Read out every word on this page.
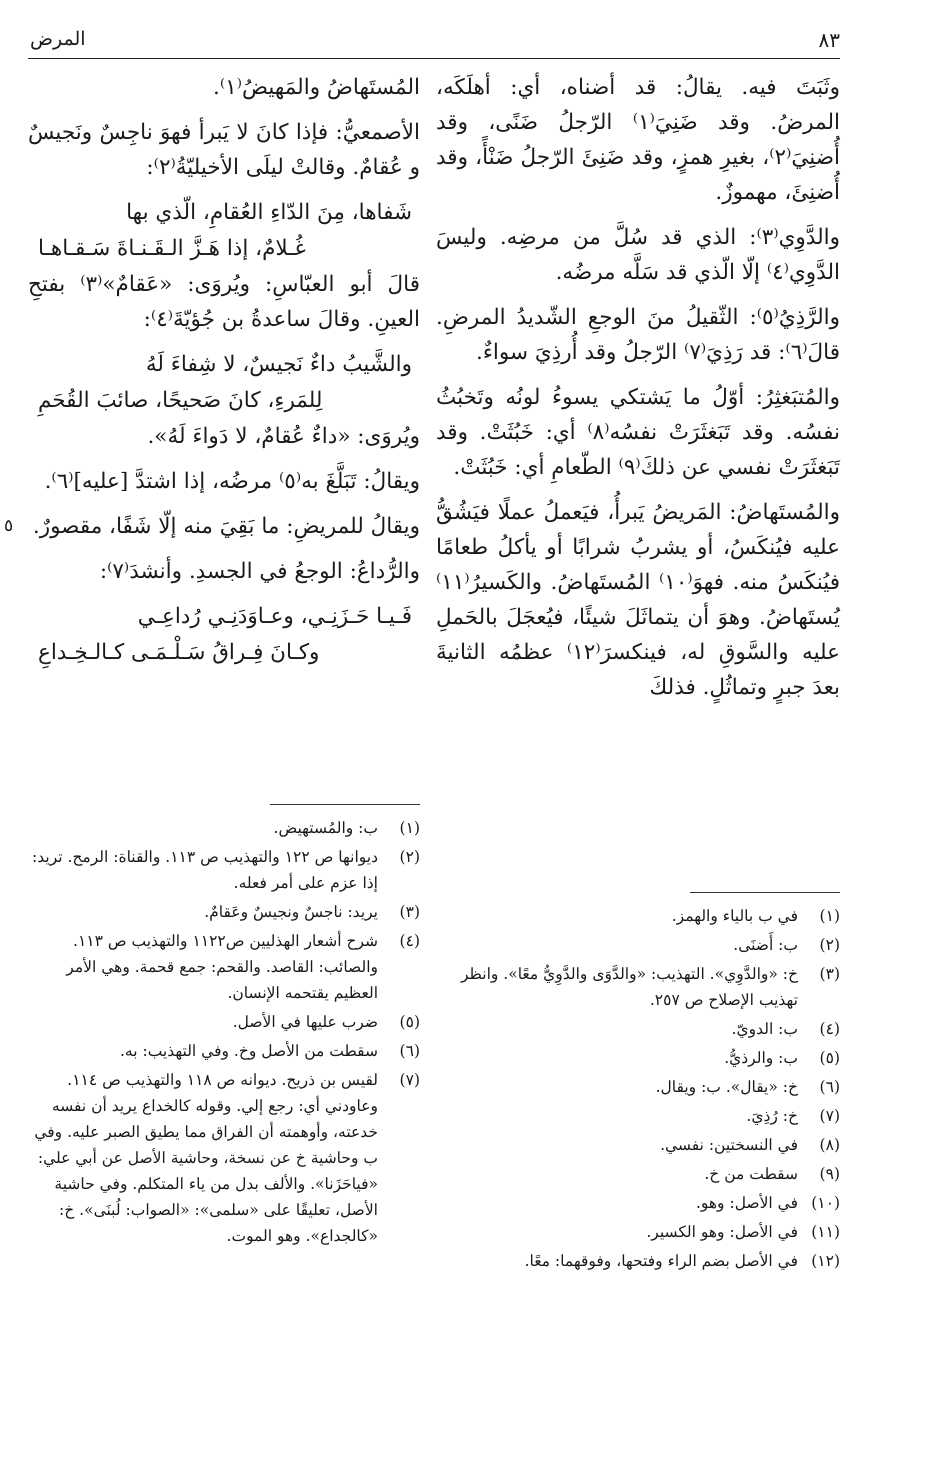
٨٣
المرض
٥

وثَبَتَ فيه. يقالُ: قد أضناه، أي: أهلَكَه، المرضُ. وقد ضَنِيَ⁽١⁾ الرّجلُ ضَنًى، وقد أُضنِيَ⁽٢⁾، بغيرِ همزٍ، وقد ضَنِئَ الرّجلُ ضَنْأً، وقد أُضنِئَ، مهموزٌ.

والدَّوِي⁽٣⁾: الذي قد سُلَّ من مرضِه. وليسَ الدَّوِي⁽٤⁾ إلّا الّذي قد سَلَّه مرضُه.

والرَّذِيُ⁽٥⁾: الثّقيلُ منَ الوجعِ الشّديدُ المرضِ. قالَ⁽٦⁾: قد رَذِيَ⁽٧⁾ الرّجلُ وقد أُرذِيَ سواءٌ.

والمُتبَغثِرُ: أوّلُ ما يَشتكي يسوءُ لونُه وتَخبُثُ نفسُه. وقد تَبَغثَرَتْ نفسُه⁽٨⁾ أي: خَبُثَتْ. وقد تَبَغثَرَتْ نفسي عن ذلكَ⁽٩⁾ الطّعامِ أي: خَبُثَتْ.

والمُستَهاضُ: المَريضُ يَبرأُ، فيَعملُ عملًا فيَشُقُّ عليه فيُنكَسُ، أو يشربُ شرابًا أو يأكلُ طعامًا فيُنكَسُ منه. فهوَ⁽١٠⁾ المُستَهاضُ. والكَسيرُ⁽١١⁾ يُستَهاضُ. وهوَ أن يتماثَلَ شيئًا، فيُعجَلَ بالحَملِ عليه والسَّوقِ له، فينكسرَ⁽١٢⁾ عظمُه الثانيةَ بعدَ جبرٍ وتماثُلٍ. فذلكَ

المُستَهاضُ والمَهيضُ⁽١⁾.

الأصمعيُّ: فإذا كانَ لا يَبرأ فهوَ ناجِسٌ ونَجيسٌ و عُقامٌ. وقالتْ ليلَى الأخيليّةُ⁽٢⁾:

شَفاها، مِنَ الدّاءِ العُقامِ، الّذي بها
غُـلامٌ، إذا هَـزَّ الـقَـنـاةَ سَـقـاهـا

قالَ أبو العبّاسِ: ويُروَى: «عَقامٌ»⁽٣⁾ بفتحِ العينِ. وقالَ ساعدةُ بن جُؤيّةَ⁽٤⁾:

والشَّيبُ داءٌ نَجيسٌ، لا شِفاءَ لَهُ
لِلمَرءِ، كانَ صَحيحًا، صائبَ القُحَمِ

ويُروَى: «داءٌ عُقامٌ، لا دَواءَ لَهُ».

ويقالُ: تَبَلَّغَ به⁽٥⁾ مرضُه، إذا اشتدَّ [عليه]⁽٦⁾.

ويقالُ للمريضِ: ما بَقِيَ منه إلّا شَفًا، مقصورٌ.

والرُّداعُ: الوجعُ في الجسدِ. وأنشدَ⁽٧⁾:

فَـيـا حَـزَنِـي، وعـاوَدَنِـي رُداعِـي
وكـانَ فِـراقُ سَـلْـمَـى كـالـخِـداعِ
(١)
ب: والمُستهيض.
(٢)
ديوانها ص ١٢٢ والتهذيب ص ١١٣. والقناة: الرمح. تريد: إذا عزم على أمر فعله.
(٣)
يريد: ناجسٌ ونجيسٌ وعَقامٌ.
(٤)
شرح أشعار الهذليين ص١١٢٢ والتهذيب ص ١١٣. والصائب: القاصد. والقحم: جمع قحمة. وهي الأمر العظيم يقتحمه الإنسان.
(٥)
ضرب عليها في الأصل.
(٦)
سقطت من الأصل وخ. وفي التهذيب: به.
(٧)
لقيس بن ذريح. ديوانه ص ١١٨ والتهذيب ص ١١٤. وعاودني أي: رجع إلي. وقوله كالخداع يريد أن نفسه خدعته، وأوهمته أن الفراق مما يطيق الصبر عليه. وفي ب وحاشية خ عن نسخة، وحاشية الأصل عن أبي علي: «فياحَزَنا». والألف بدل من ياء المتكلم. وفي حاشية الأصل، تعليقًا على «سلمى»: «الصواب: لُبنَى». خ: «كالجداع». وهو الموت.
(١)
في ب بالياء والهمز.
(٢)
ب: أَضنَى.
(٣)
خ: «والدَّوِي». التهذيب: «والدَّوَى والدَّوِيُّ معًا». وانظر تهذيب الإصلاح ص ٢٥٧.
(٤)
ب: الدويّ.
(٥)
ب: والرذيُّ.
(٦)
خ: «يقال». ب: ويقال.
(٧)
خ: رُذِيَ.
(٨)
في النسختين: نفسي.
(٩)
سقطت من خ.
(١٠)
في الأصل: وهو.
(١١)
في الأصل: وهو الكسير.
(١٢)
في الأصل بضم الراء وفتحها، وفوقهما: معًا.
